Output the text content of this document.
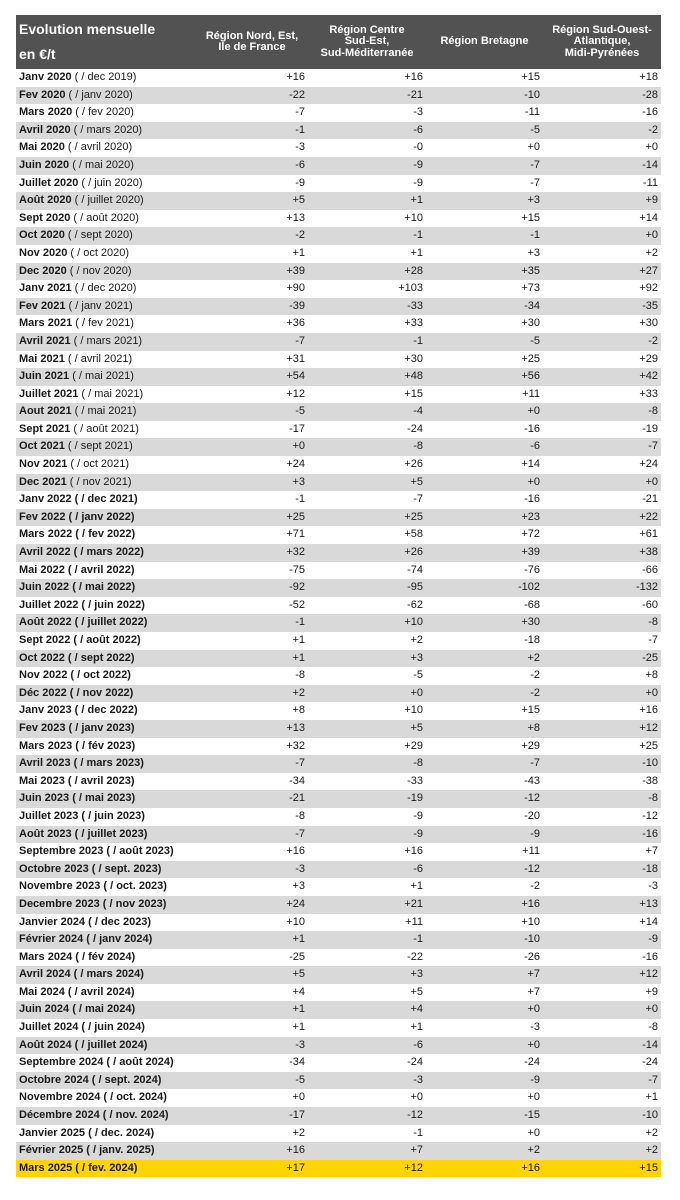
Evolution mensuelle
en €/t	Région Nord, Est,
Ile de France	Région Centre
Sud-Est,
Sud-Méditerranée	Région Bretagne	Région Sud-Ouest-
Atlantique,
Midi-Pyrénées
Janv 2020 ( / dec 2019)	+16	+16	+15	+18
Fev 2020 ( / janv 2020)	-22	-21	-10	-28
Mars 2020 ( / fev 2020)	-7	-3	-11	-16
Avril 2020 ( / mars 2020)	-1	-6	-5	-2
Mai 2020 ( / avril 2020)	-3	-0	+0	+0
Juin 2020 ( / mai 2020)	-6	-9	-7	-14
Juillet 2020 ( / juin 2020)	-9	-9	-7	-11
Août 2020 ( / juillet 2020)	+5	+1	+3	+9
Sept 2020 ( / août 2020)	+13	+10	+15	+14
Oct 2020 ( / sept 2020)	-2	-1	-1	+0
Nov 2020 ( / oct 2020)	+1	+1	+3	+2
Dec 2020 ( / nov 2020)	+39	+28	+35	+27
Janv 2021 ( / dec 2020)	+90	+103	+73	+92
Fev 2021 ( / janv 2021)	-39	-33	-34	-35
Mars 2021 ( / fev 2021)	+36	+33	+30	+30
Avril 2021 ( / mars 2021)	-7	-1	-5	-2
Mai 2021 ( / avril 2021)	+31	+30	+25	+29
Juin 2021 ( / mai 2021)	+54	+48	+56	+42
Juillet 2021 ( / mai 2021)	+12	+15	+11	+33
Aout 2021 ( / mai 2021)	-5	-4	+0	-8
Sept 2021 ( / août 2021)	-17	-24	-16	-19
Oct 2021 ( / sept 2021)	+0	-8	-6	-7
Nov 2021 ( / oct 2021)	+24	+26	+14	+24
Dec 2021 ( / nov 2021)	+3	+5	+0	+0
Janv 2022 ( / dec 2021)	-1	-7	-16	-21
Fev 2022 ( / janv 2022)	+25	+25	+23	+22
Mars 2022 ( / fev 2022)	+71	+58	+72	+61
Avril 2022 ( / mars 2022)	+32	+26	+39	+38
Mai 2022 ( / avril 2022)	-75	-74	-76	-66
Juin 2022 ( / mai 2022)	-92	-95	-102	-132
Juillet 2022 ( / juin 2022)	-52	-62	-68	-60
Août 2022 ( / juillet 2022)	-1	+10	+30	-8
Sept 2022 ( / août 2022)	+1	+2	-18	-7
Oct 2022 ( / sept 2022)	+1	+3	+2	-25
Nov 2022 ( / oct 2022)	-8	-5	-2	+8
Déc 2022 ( / nov 2022)	+2	+0	-2	+0
Janv 2023 ( / dec 2022)	+8	+10	+15	+16
Fev 2023 ( / janv 2023)	+13	+5	+8	+12
Mars 2023 ( / fév 2023)	+32	+29	+29	+25
Avril 2023 ( / mars 2023)	-7	-8	-7	-10
Mai 2023 ( / avril 2023)	-34	-33	-43	-38
Juin 2023 ( / mai 2023)	-21	-19	-12	-8
Juillet 2023 ( / juin 2023)	-8	-9	-20	-12
Août 2023 ( / juillet 2023)	-7	-9	-9	-16
Septembre 2023 ( / août 2023)	+16	+16	+11	+7
Octobre 2023 ( / sept. 2023)	-3	-6	-12	-18
Novembre 2023 ( / oct. 2023)	+3	+1	-2	-3
Decembre 2023 ( / nov 2023)	+24	+21	+16	+13
Janvier 2024 ( / dec 2023)	+10	+11	+10	+14
Février 2024 ( / janv 2024)	+1	-1	-10	-9
Mars 2024 ( / fév 2024)	-25	-22	-26	-16
Avril 2024 ( / mars 2024)	+5	+3	+7	+12
Mai 2024 ( / avril 2024)	+4	+5	+7	+9
Juin 2024 ( / mai 2024)	+1	+4	+0	+0
Juillet 2024 ( / juin 2024)	+1	+1	-3	-8
Août 2024 ( / juillet 2024)	-3	-6	+0	-14
Septembre 2024 ( / août 2024)	-34	-24	-24	-24
Octobre 2024 ( / sept. 2024)	-5	-3	-9	-7
Novembre 2024 ( / oct. 2024)	+0	+0	+0	+1
Décembre 2024 ( / nov. 2024)	-17	-12	-15	-10
Janvier 2025 ( / dec. 2024)	+2	-1	+0	+2
Février 2025 ( / janv. 2025)	+16	+7	+2	+2
Mars 2025 ( / fev. 2024)	+17	+12	+16	+15
